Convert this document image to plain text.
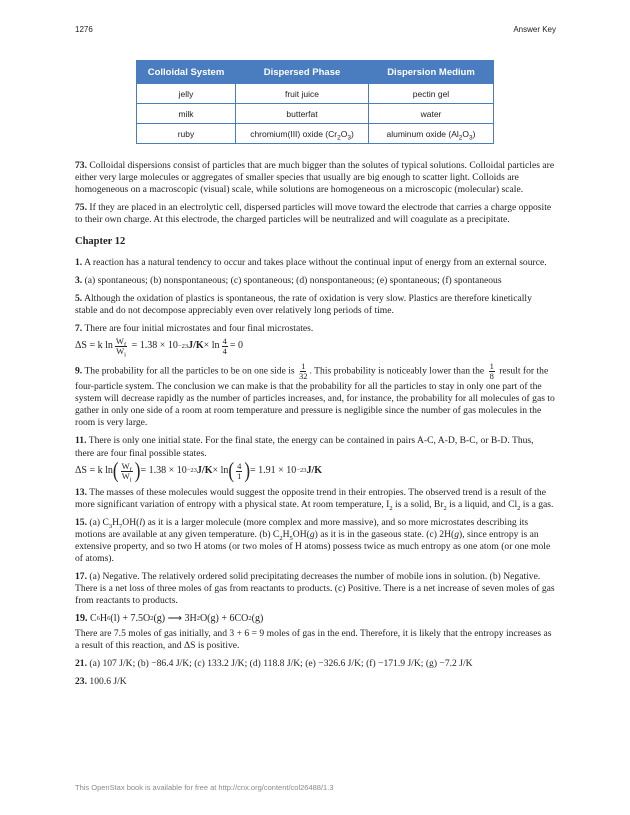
1276	Answer Key
Colloidal System	Dispersed Phase	Dispersion Medium
jelly	fruit juice	pectin gel
milk	butterfat	water
ruby	chromium(III) oxide $(Cr_2O_3)$	aluminum oxide $(Al_2O_3)$

73. Colloidal dispersions consist of particles that are much bigger than the solutes of typical solutions. Colloidal particles are either very large molecules or aggregates of smaller species that usually are big enough to scatter light. Colloids are homogeneous on a macroscopic (visual) scale, while solutions are homogeneous on a microscopic (molecular) scale.

75. If they are placed in an electrolytic cell, dispersed particles will move toward the electrode that carries a charge opposite to their own charge. At this electrode, the charged particles will be neutralized and will coagulate as a precipitate.

Chapter 12

1. A reaction has a natural tendency to occur and takes place without the continual input of energy from an external source.

3. (a) spontaneous; (b) nonspontaneous; (c) spontaneous; (d) nonspontaneous; (e) spontaneous; (f) spontaneous

5. Although the oxidation of plastics is spontaneous, the rate of oxidation is very slow. Plastics are therefore kinetically stable and do not decompose appreciably even over relatively long periods of time.

7. There are four initial microstates and four final microstates.

ΔS = k $\ln \frac{W_f}{W_i}$
= 1.38 × 10 −23 $J/K \times \ln \frac{4}{4} = 0$

9. The probability for all the particles to be on one side is $\frac{1}{32}$ . This probability is noticeably lower than the $\frac{1}{8}$ result for the four-particle system. The conclusion we can make is that the probability for all the particles to stay in only one part of the system will decrease rapidly as the number of particles increases, and, for instance, the probability for all molecules of gas to gather in only one side of a room at room temperature and pressure is negligible since the number of gas molecules in the room is very large.

11. There is only one initial state. For the final state, the energy can be contained in pairs A-C, A-D, B-C, or B-D. Thus, there are four final possible states.

ΔS = k ln ( $\frac{W_f}{W_i}$ ) = 1.38 × 10 −23 J/K × ln ( $\frac{4}{1}$ ) = 1.91 × 10 −23 J/K

13. The masses of these molecules would suggest the opposite trend in their entropies. The observed trend is a result of the more significant variation of entropy with a physical state. At room temperature, $I_2$ is a solid, $Br_2$ is a liquid, and $Cl_2$ is a gas.

15. (a) $C_3H_7OH(l)$ as it is a larger molecule (more complex and more massive), and so more microstates describing its motions are available at any given temperature. (b) $C_2H_5OH(g)$ as it is in the gaseous state. (c) 2H(g), since entropy is an extensive property, and so two H atoms (or two moles of H atoms) possess twice as much entropy as one atom (or one mole of atoms).

17. (a) Negative. The relatively ordered solid precipitating decreases the number of mobile ions in solution. (b) Negative. There is a net loss of three moles of gas from reactants to products. (c) Positive. There is a net increase of seven moles of gas from reactants to products.

19.
C 6 H 6 (l) + 7.5O 2 (g) ⟶ 3H 2 O(g) + 6CO 2 (g)

There are 7.5 moles of gas initially, and 3 + 6 = 9 moles of gas in the end. Therefore, it is likely that the entropy increases as a result of this reaction, and ΔS is positive.

21. (a) 107 J/K; (b) −86.4 J/K; (c) 133.2 J/K; (d) 118.8 J/K; (e) −326.6 J/K; (f) −171.9 J/K; (g) −7.2 J/K

23. 100.6 J/K

This OpenStax book is available for free at http://cnx.org/content/col26488/1.3
